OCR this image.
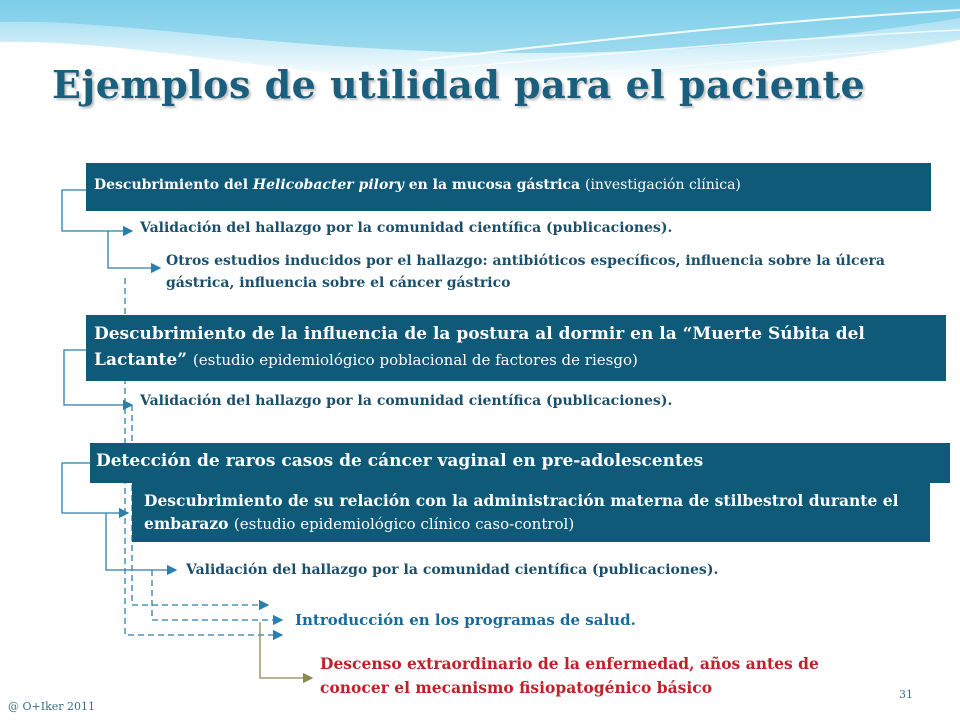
Ejemplos de utilidad para el paciente
Descubrimiento del Helicobacter pilory en la mucosa gástrica (investigación clínica)
Validación del hallazgo por la comunidad científica (publicaciones).
Otros estudios inducidos por el hallazgo: antibióticos específicos, influencia sobre la úlcera gástrica, influencia sobre el cáncer gástrico
Descubrimiento de la influencia de la postura al dormir en la “Muerte Súbita del Lactante” (estudio epidemiológico poblacional de factores de riesgo)
Validación del hallazgo por la comunidad científica (publicaciones).
Detección de raros casos de cáncer vaginal en pre-adolescentes
Descubrimiento de su relación con la administración materna de stilbestrol durante el embarazo (estudio epidemiológico clínico caso-control)
Validación del hallazgo por la comunidad científica (publicaciones).
Introducción en los programas de salud.
Descenso extraordinario de la enfermedad, años antes de conocer el mecanismo fisiopatogénico básico
@ O+Iker 2011
31
